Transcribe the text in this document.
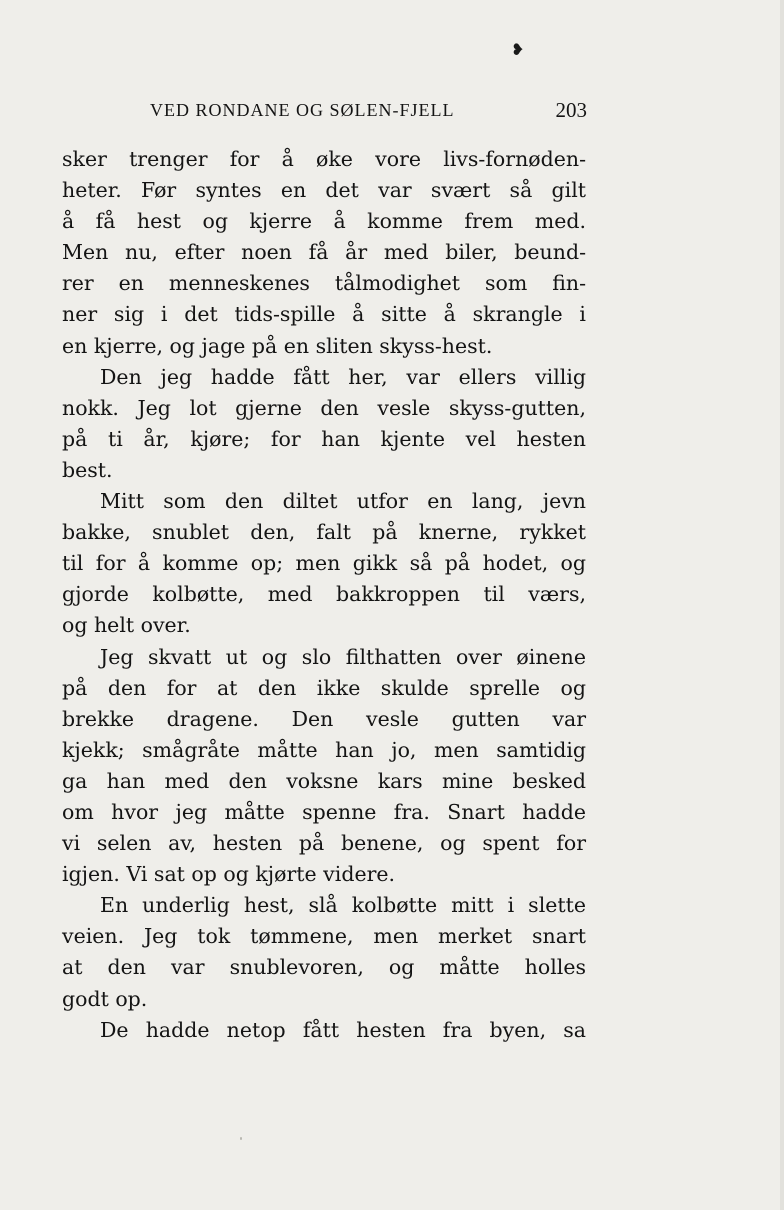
❥
VED RONDANE OG SØLEN-FJELL	203
sker trenger for å øke vore livs-fornøden-
heter. Før syntes en det var svært så gilt
å få hest og kjerre å komme frem med.
Men nu, efter noen få år med biler, beund-
rer en menneskenes tålmodighet som fin-
ner sig i det tids-spille å sitte å skrangle i
en kjerre, og jage på en sliten skyss-hest.
Den jeg hadde fått her, var ellers villig
nokk. Jeg lot gjerne den vesle skyss-gutten,
på ti år, kjøre; for han kjente vel hesten
best.
Mitt som den diltet utfor en lang, jevn
bakke, snublet den, falt på knerne, rykket
til for å komme op; men gikk så på hodet, og
gjorde kolbøtte, med bakkroppen til værs,
og helt over.
Jeg skvatt ut og slo filthatten over øinene
på den for at den ikke skulde sprelle og
brekke dragene. Den vesle gutten var
kjekk; smågråte måtte han jo, men samtidig
ga han med den voksne kars mine besked
om hvor jeg måtte spenne fra. Snart hadde
vi selen av, hesten på benene, og spent for
igjen. Vi sat op og kjørte videre.
En underlig hest, slå kolbøtte mitt i slette
veien. Jeg tok tømmene, men merket snart
at den var snublevoren, og måtte holles
godt op.
De hadde netop fått hesten fra byen, sa
